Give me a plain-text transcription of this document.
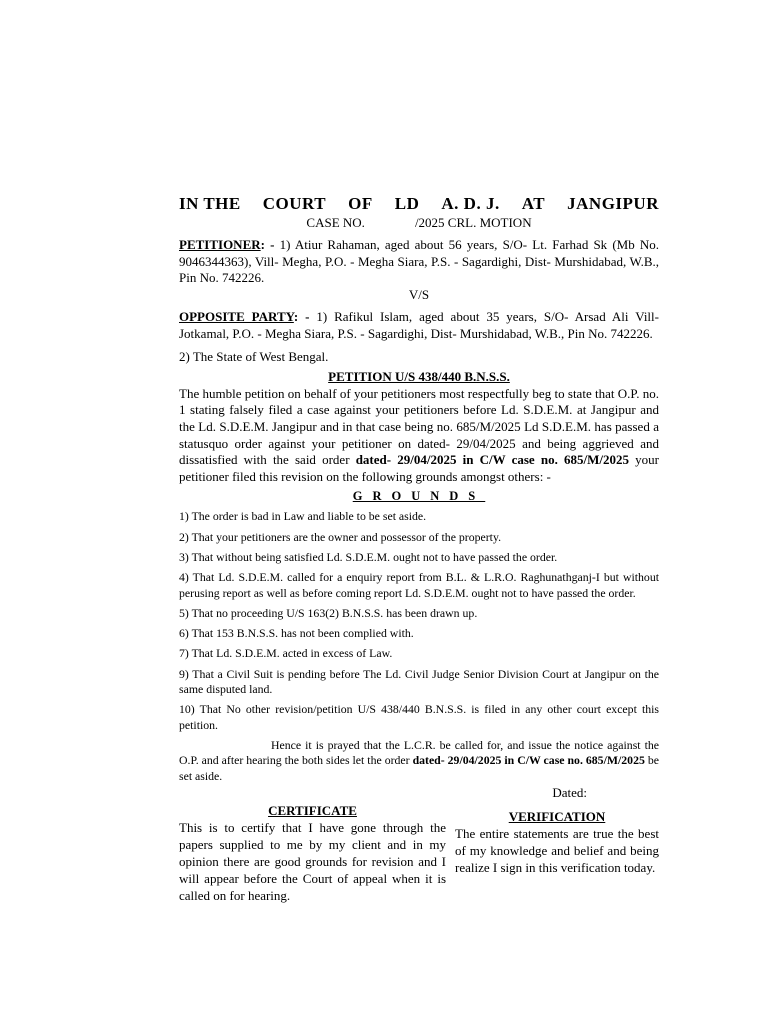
IN THE COURT OF LD A. D. J. AT JANGIPUR
CASE NO.	/2025 CRL. MOTION

PETITIONER: - 1) Atiur Rahaman, aged about 56 years, S/O- Lt. Farhad Sk (Mb No. 9046344363), Vill- Megha, P.O. - Megha Siara, P.S. - Sagardighi, Dist- Murshidabad, W.B., Pin No. 742226.

V/S

OPPOSITE PARTY: - 1) Rafikul Islam, aged about 35 years, S/O- Arsad Ali Vill- Jotkamal, P.O. - Megha Siara, P.S. - Sagardighi, Dist- Murshidabad, W.B., Pin No. 742226.

2) The State of West Bengal.

PETITION U/S 438/440 B.N.S.S.

The humble petition on behalf of your petitioners most respectfully beg to state that O.P. no. 1 stating falsely filed a case against your petitioners before Ld. S.D.E.M. at Jangipur and the Ld. S.D.E.M. Jangipur and in that case being no. 685/M/2025 Ld S.D.E.M. has passed a statusquo order against your petitioner on dated- 29/04/2025 and being aggrieved and dissatisfied with the said order dated- 29/04/2025 in C/W case no. 685/M/2025 your petitioner filed this revision on the following grounds amongst others: -

GROUNDS

1) The order is bad in Law and liable to be set aside.

2) That your petitioners are the owner and possessor of the property.

3) That without being satisfied Ld. S.D.E.M. ought not to have passed the order.

4) That Ld. S.D.E.M. called for a enquiry report from B.L. & L.R.O. Raghunathganj-I but without perusing report as well as before coming report Ld. S.D.E.M. ought not to have passed the order.

5) That no proceeding U/S 163(2) B.N.S.S. has been drawn up.

6) That 153 B.N.S.S. has not been complied with.

7) That Ld. S.D.E.M. acted in excess of Law.

9) That a Civil Suit is pending before The Ld. Civil Judge Senior Division Court at Jangipur on the same disputed land.

10) That No other revision/petition U/S 438/440 B.N.S.S. is filed in any other court except this petition.

Hence it is prayed that the L.C.R. be called for, and issue the notice against the O.P. and after hearing the both sides let the order dated- 29/04/2025 in C/W case no. 685/M/2025 be set aside.

Dated:
CERTIFICATE

This is to certify that I have gone through the papers supplied to me by my client and in my opinion there are good grounds for revision and I will appear before the Court of appeal when it is called on for hearing.

VERIFICATION

The entire statements are true the best of my knowledge and belief and being realize I sign in this verification today.
